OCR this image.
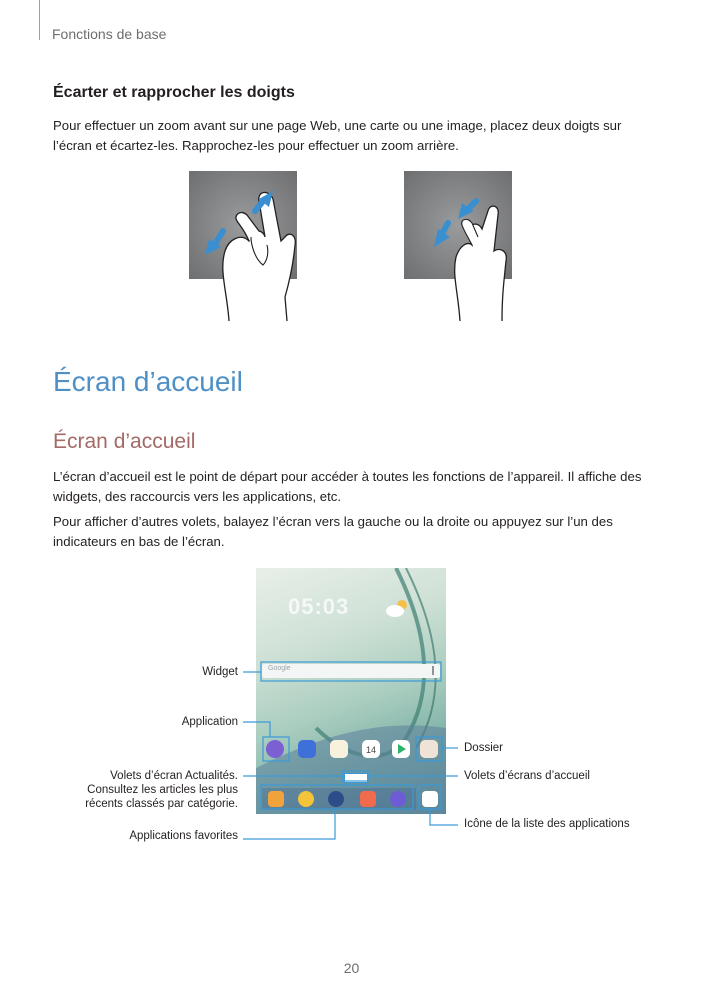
Fonctions de base
Écarter et rapprocher les doigts
Pour effectuer un zoom avant sur une page Web, une carte ou une image, placez deux doigts sur
l’écran et écartez-les. Rapprochez-les pour effectuer un zoom arrière.
Écran d’accueil
Écran d’accueil
L’écran d’accueil est le point de départ pour accéder à toutes les fonctions de l’appareil. Il affiche des
widgets, des raccourcis vers les applications, etc.
Pour afficher d’autres volets, balayez l’écran vers la gauche ou la droite ou appuyez sur l’un des
indicateurs en bas de l’écran.
05:03
Google
14
Widget
Application
Dossier
Volets d’écran Actualités.
Consultez les articles les plus
récents classés par catégorie.
Volets d’écrans d’accueil
Applications favorites
Icône de la liste des applications
20
